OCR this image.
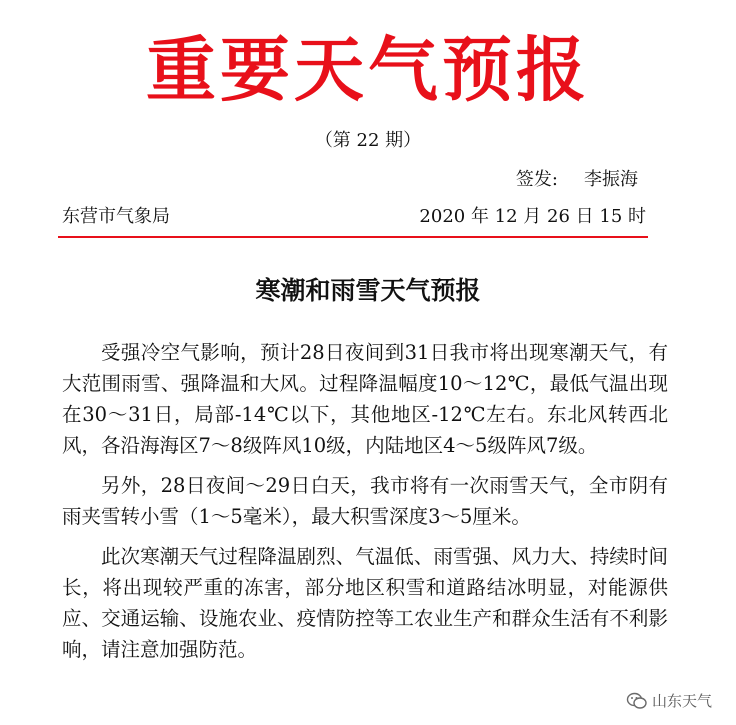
重要天气预报
（第 22 期）
签发: 李振海
东营市气象局	2020 年 12 月 26 日 15 时
寒潮和雨雪天气预报

受强冷空气影响，预计28日夜间到31日我市将出现寒潮天气，有大范围雨雪、强降温和大风。过程降温幅度10～12℃，最低气温出现在30～31日，局部-14℃以下，其他地区-12℃左右。东北风转西北风，各沿海海区7～8级阵风10级，内陆地区4～5级阵风7级。

另外，28日夜间～29日白天，我市将有一次雨雪天气，全市阴有雨夹雪转小雪（1～5毫米），最大积雪深度3～5厘米。

此次寒潮天气过程降温剧烈、气温低、雨雪强、风力大、持续时间长，将出现较严重的冻害，部分地区积雪和道路结冰明显，对能源供应、交通运输、设施农业、疫情防控等工农业生产和群众生活有不利影响，请注意加强防范。

山东天气
